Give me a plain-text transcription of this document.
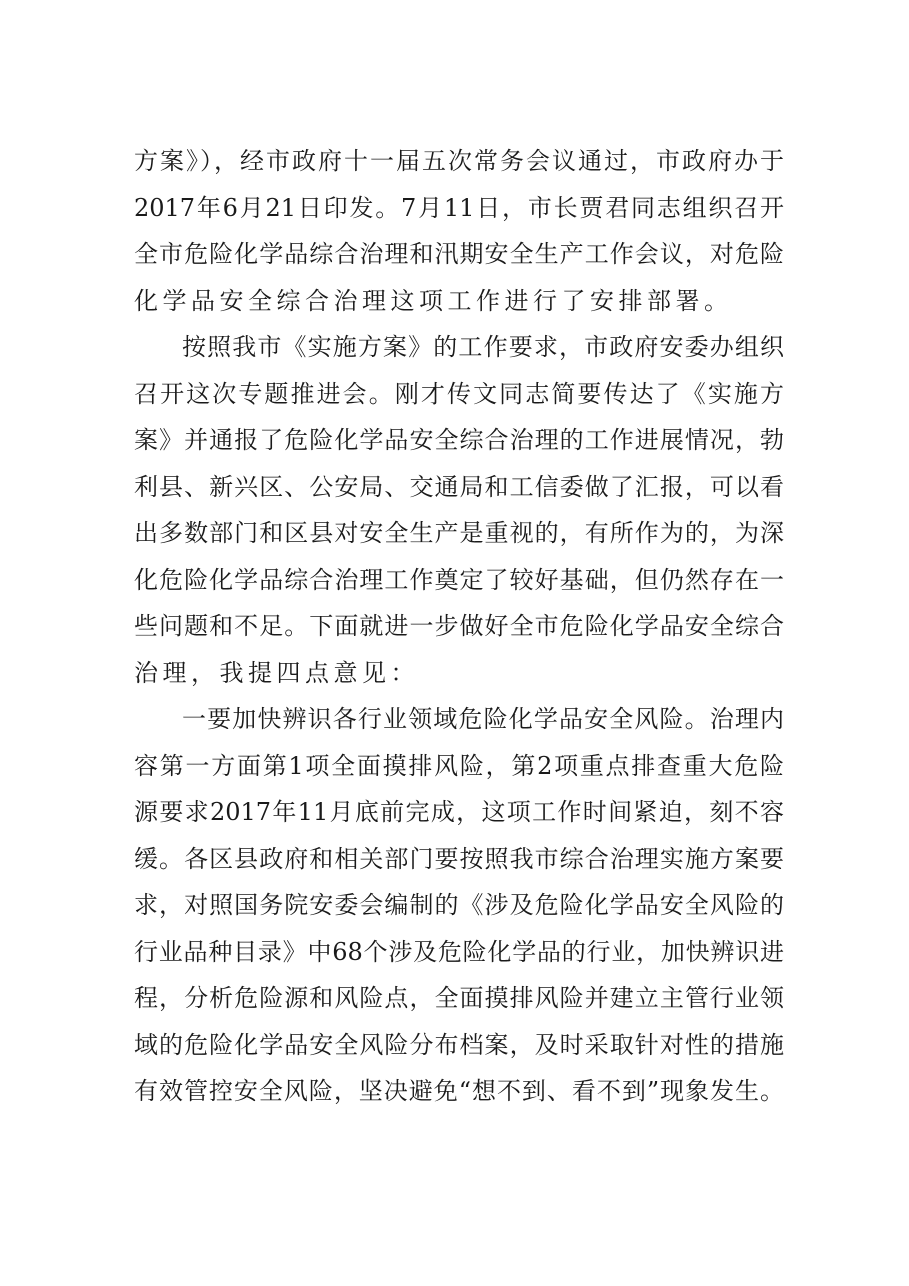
方案》），经市政府十一届五次常务会议通过，市政府办于
2017年6月21日印发。7月11日，市长贾君同志组织召开
全市危险化学品综合治理和汛期安全生产工作会议，对危险
化学品安全综合治理这项工作进行了安排部署。
按照我市《实施方案》的工作要求，市政府安委办组织
召开这次专题推进会。刚才传文同志简要传达了《实施方
案》并通报了危险化学品安全综合治理的工作进展情况，勃
利县、新兴区、公安局、交通局和工信委做了汇报，可以看
出多数部门和区县对安全生产是重视的，有所作为的，为深
化危险化学品综合治理工作奠定了较好基础，但仍然存在一
些问题和不足。下面就进一步做好全市危险化学品安全综合
治理，我提四点意见：
一要加快辨识各行业领域危险化学品安全风险。治理内
容第一方面第1项全面摸排风险，第2项重点排查重大危险
源要求2017年11月底前完成，这项工作时间紧迫，刻不容
缓。各区县政府和相关部门要按照我市综合治理实施方案要
求，对照国务院安委会编制的《涉及危险化学品安全风险的
行业品种目录》中68个涉及危险化学品的行业，加快辨识进
程，分析危险源和风险点，全面摸排风险并建立主管行业领
域的危险化学品安全风险分布档案，及时采取针对性的措施
有效管控安全风险，坚决避免“想不到、看不到”现象发生。
